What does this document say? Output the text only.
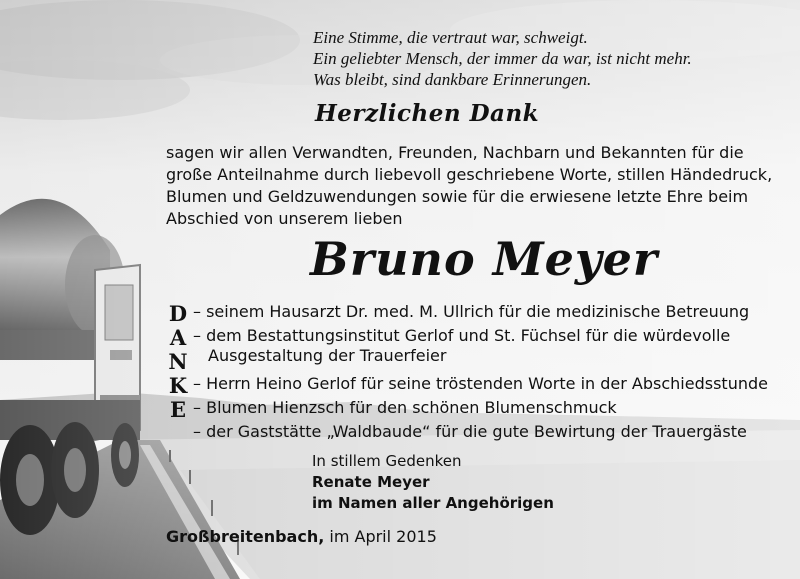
Eine Stimme, die vertraut war, schweigt.
Ein geliebter Mensch, der immer da war, ist nicht mehr.
Was bleibt, sind dankbare Erinnerungen.
Herzlichen Dank
sagen wir allen Verwandten, Freunden, Nachbarn und Bekannten für die
große Anteilnahme durch liebevoll geschriebene Worte, stillen Händedruck,
Blumen und Geldzuwendungen sowie für die erwiesene letzte Ehre beim
Abschied von unserem lieben
Bruno Meyer
D
A
N
K
E
– seinem Hausarzt Dr. med. M. Ullrich für die medizinische Betreuung
– dem Bestattungsinstitut Gerlof und St. Füchsel für die würdevolle
Ausgestaltung der Trauerfeier
– Herrn Heino Gerlof für seine tröstenden Worte in der Abschiedsstunde
– Blumen Hienzsch für den schönen Blumenschmuck
– der Gaststätte „Waldbaude“ für die gute Bewirtung der Trauergäste
In stillem Gedenken
Renate Meyer
im Namen aller Angehörigen
Großbreitenbach, im April 2015
